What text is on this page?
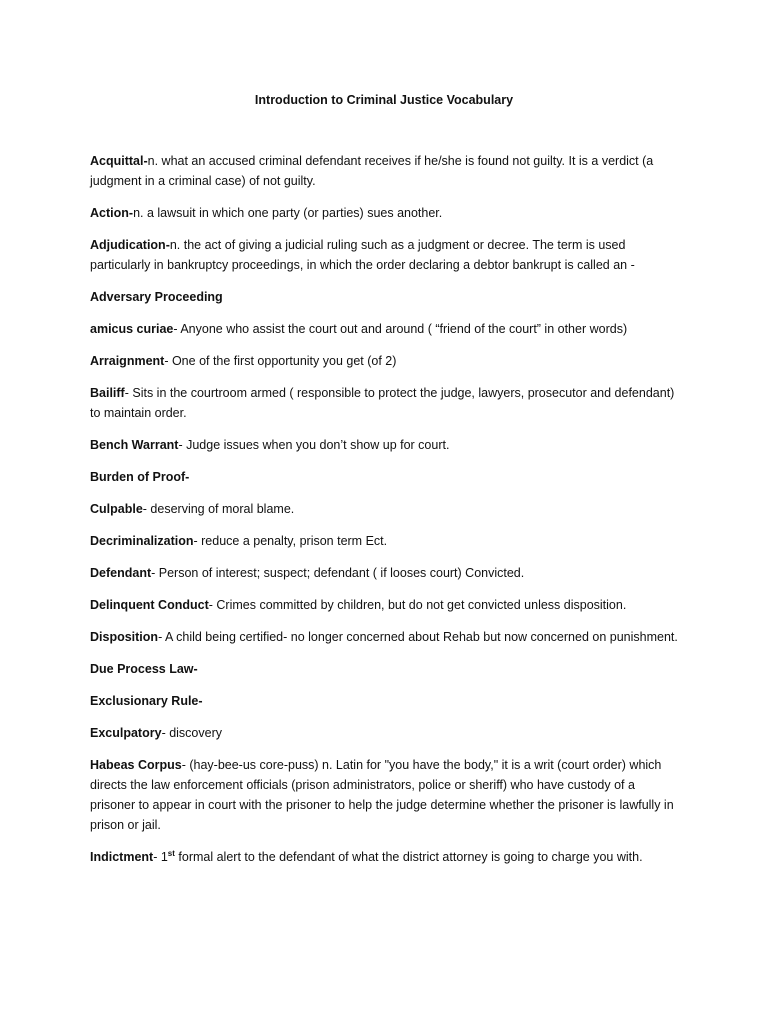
Introduction to Criminal Justice Vocabulary

Acquittal-n. what an accused criminal defendant receives if he/she is found not guilty. It is a verdict (a judgment in a criminal case) of not guilty.

Action-n. a lawsuit in which one party (or parties) sues another.

Adjudication-n. the act of giving a judicial ruling such as a judgment or decree. The term is used particularly in bankruptcy proceedings, in which the order declaring a debtor bankrupt is called an -

Adversary Proceeding

amicus curiae- Anyone who assist the court out and around ( “friend of the court” in other words)

Arraignment- One of the first opportunity you get (of 2)

Bailiff- Sits in the courtroom armed ( responsible to protect the judge, lawyers, prosecutor and defendant) to maintain order.

Bench Warrant- Judge issues when you don’t show up for court.

Burden of Proof-

Culpable- deserving of moral blame.

Decriminalization- reduce a penalty, prison term Ect.

Defendant- Person of interest; suspect; defendant ( if looses court) Convicted.

Delinquent Conduct- Crimes committed by children, but do not get convicted unless disposition.

Disposition- A child being certified- no longer concerned about Rehab but now concerned on punishment.

Due Process Law-

Exclusionary Rule-

Exculpatory- discovery

Habeas Corpus- (hay-bee-us core-puss) n. Latin for "you have the body," it is a writ (court order) which directs the law enforcement officials (prison administrators, police or sheriff) who have custody of a prisoner to appear in court with the prisoner to help the judge determine whether the prisoner is lawfully in prison or jail.

Indictment- 1st formal alert to the defendant of what the district attorney is going to charge you with.
